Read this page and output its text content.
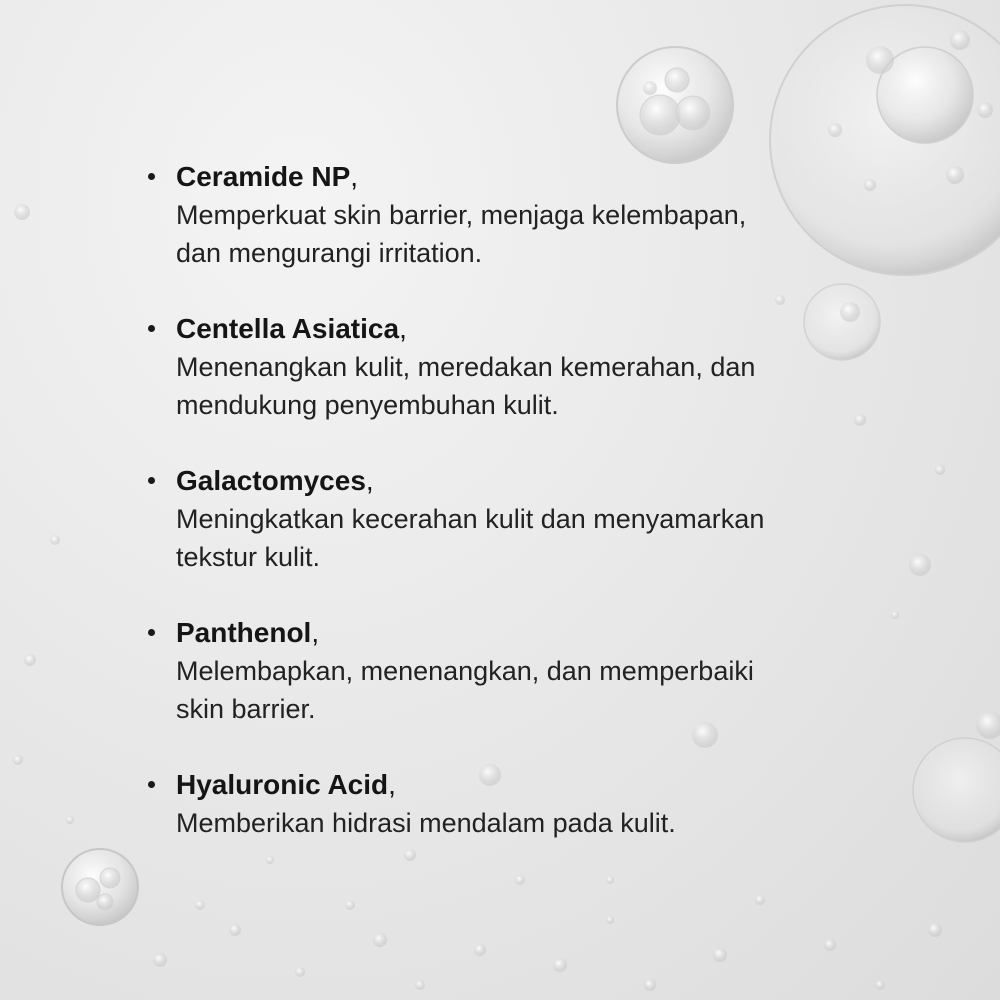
Ceramide NP,
Memperkuat skin barrier, menjaga kelembapan,
dan mengurangi irritation.
Centella Asiatica,
Menenangkan kulit, meredakan kemerahan, dan
mendukung penyembuhan kulit.
Galactomyces,
Meningkatkan kecerahan kulit dan menyamarkan
tekstur kulit.
Panthenol,
Melembapkan, menenangkan, dan memperbaiki
skin barrier.
Hyaluronic Acid,
Memberikan hidrasi mendalam pada kulit.
